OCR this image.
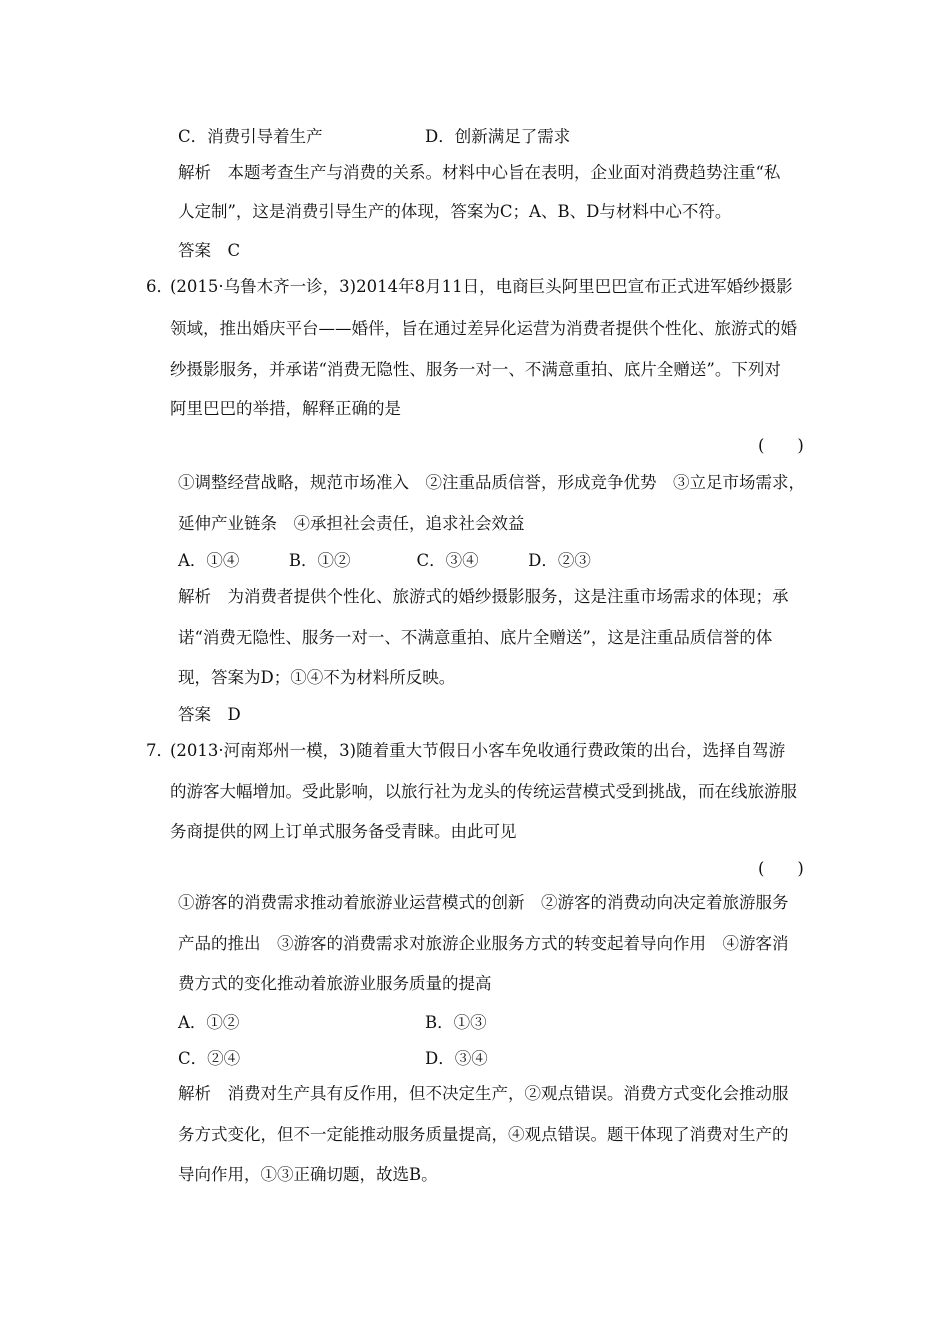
C．消费引导着生产	D．创新满足了需求
解析　本题考查生产与消费的关系。材料中心旨在表明，企业面对消费趋势注重“私
人定制”，这是消费引导生产的体现，答案为C；A、B、D与材料中心不符。
答案　C
6．
(2015·乌鲁木齐一诊，3)2014年8月11日，电商巨头阿里巴巴宣布正式进军婚纱摄影
领域，推出婚庆平台——婚伴，旨在通过差异化运营为消费者提供个性化、旅游式的婚
纱摄影服务，并承诺“消费无隐性、服务一对一、不满意重拍、底片全赠送”。下列对
阿里巴巴的举措，解释正确的是
(　　)
①调整经营战略，规范市场准入　②注重品质信誉，形成竞争优势　③立足市场需求，
延伸产业链条　④承担社会责任，追求社会效益
A．①④　　　B．①②　　　　C．③④　　　D．②③
解析　为消费者提供个性化、旅游式的婚纱摄影服务，这是注重市场需求的体现；承
诺“消费无隐性、服务一对一、不满意重拍、底片全赠送”，这是注重品质信誉的体
现，答案为D；①④不为材料所反映。
答案　D
7．
(2013·河南郑州一模，3)随着重大节假日小客车免收通行费政策的出台，选择自驾游
的游客大幅增加。受此影响，以旅行社为龙头的传统运营模式受到挑战，而在线旅游服
务商提供的网上订单式服务备受青睐。由此可见
(　　)
①游客的消费需求推动着旅游业运营模式的创新　②游客的消费动向决定着旅游服务
产品的推出　③游客的消费需求对旅游企业服务方式的转变起着导向作用　④游客消
费方式的变化推动着旅游业服务质量的提高
A．①②	B．①③
C．②④	D．③④
解析　消费对生产具有反作用，但不决定生产，②观点错误。消费方式变化会推动服
务方式变化，但不一定能推动服务质量提高，④观点错误。题干体现了消费对生产的
导向作用，①③正确切题，故选B。
